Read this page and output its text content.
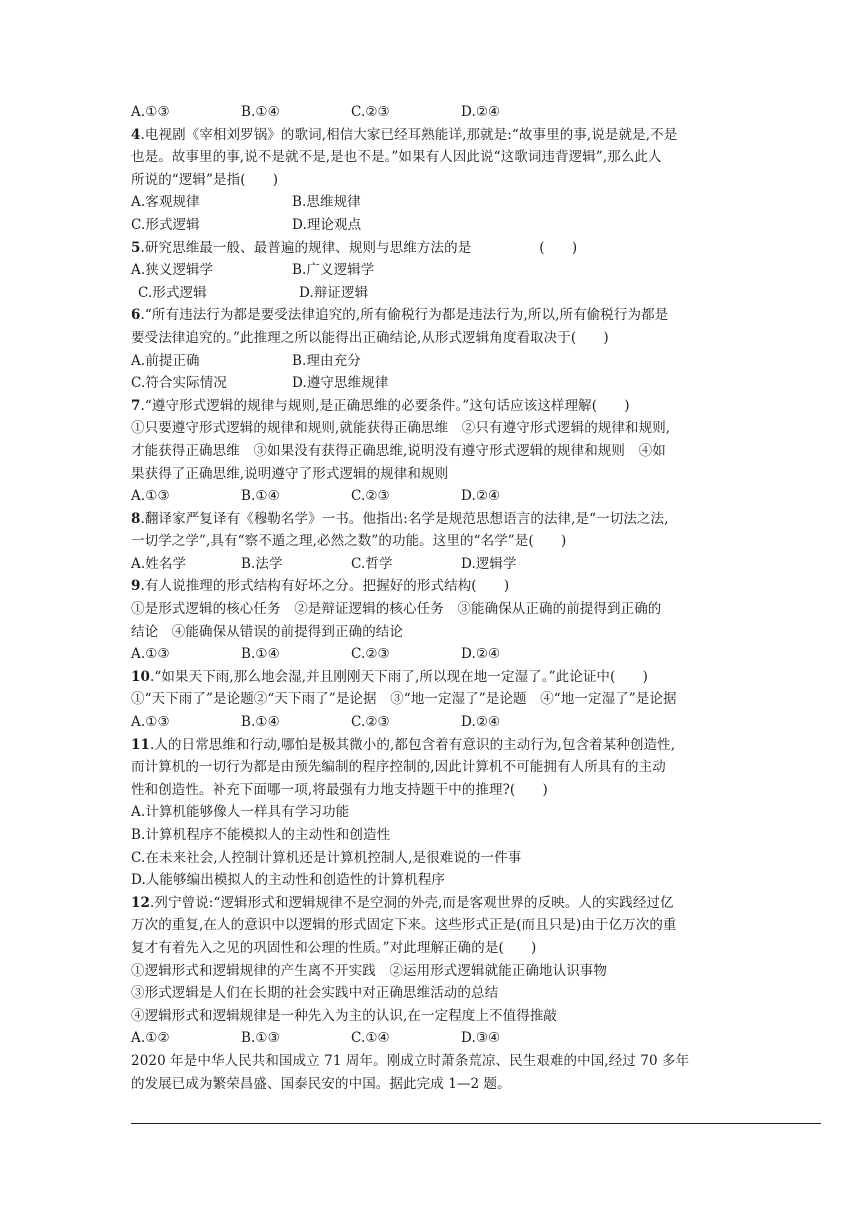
A.①③	B.①④	C.②③	D.②④
4.电视剧《宰相刘罗锅》的歌词,相信大家已经耳熟能详,那就是:“故事里的事,说是就是,不是
也是。故事里的事,说不是就不是,是也不是。”如果有人因此说“这歌词违背逻辑”,那么此人
所说的“逻辑”是指(　　)
A.客观规律	B.思维规律
C.形式逻辑	D.理论观点
5.研究思维最一般、最普遍的规律、规则与思维方法的是　　　　　(　　)
A.狭义逻辑学	B.广义逻辑学
C.形式逻辑	D.辩证逻辑
6.“所有违法行为都是要受法律追究的,所有偷税行为都是违法行为,所以,所有偷税行为都是
要受法律追究的。”此推理之所以能得出正确结论,从形式逻辑角度看取决于(　　)
A.前提正确	B.理由充分
C.符合实际情况	D.遵守思维规律
7.“遵守形式逻辑的规律与规则,是正确思维的必要条件。”这句话应该这样理解(　　)
①只要遵守形式逻辑的规律和规则,就能获得正确思维　②只有遵守形式逻辑的规律和规则,
才能获得正确思维　③如果没有获得正确思维,说明没有遵守形式逻辑的规律和规则　④如
果获得了正确思维,说明遵守了形式逻辑的规律和规则
A.①③	B.①④	C.②③	D.②④
8.翻译家严复译有《穆勒名学》一书。他指出:名学是规范思想语言的法律,是“一切法之法,
一切学之学”,具有“察不遁之理,必然之数”的功能。这里的“名学”是(　　)
A.姓名学	B.法学	C.哲学	D.逻辑学
9.有人说推理的形式结构有好坏之分。把握好的形式结构(　　)
①是形式逻辑的核心任务　②是辩证逻辑的核心任务　③能确保从正确的前提得到正确的
结论　④能确保从错误的前提得到正确的结论
A.①③	B.①④	C.②③	D.②④
10.“如果天下雨,那么地会湿,并且刚刚天下雨了,所以现在地一定湿了。”此论证中(　　)
①“天下雨了”是论题②“天下雨了”是论据　③“地一定湿了”是论题　④“地一定湿了”是论据
A.①③	B.①④	C.②③	D.②④
11.人的日常思维和行动,哪怕是极其微小的,都包含着有意识的主动行为,包含着某种创造性,
而计算机的一切行为都是由预先编制的程序控制的,因此计算机不可能拥有人所具有的主动
性和创造性。补充下面哪一项,将最强有力地支持题干中的推理?(　　)
A.计算机能够像人一样具有学习功能
B.计算机程序不能模拟人的主动性和创造性
C.在未来社会,人控制计算机还是计算机控制人,是很难说的一件事
D.人能够编出模拟人的主动性和创造性的计算机程序
12.列宁曾说:“逻辑形式和逻辑规律不是空洞的外壳,而是客观世界的反映。人的实践经过亿
万次的重复,在人的意识中以逻辑的形式固定下来。这些形式正是(而且只是)由于亿万次的重
复才有着先入之见的巩固性和公理的性质。”对此理解正确的是(　　)
①逻辑形式和逻辑规律的产生离不开实践　②运用形式逻辑就能正确地认识事物
③形式逻辑是人们在长期的社会实践中对正确思维活动的总结
④逻辑形式和逻辑规律是一种先入为主的认识,在一定程度上不值得推敲
A.①②	B.①③	C.①④	D.③④
2020 年是中华人民共和国成立 71 周年。刚成立时萧条荒凉、民生艰难的中国,经过 70 多年
的发展已成为繁荣昌盛、国泰民安的中国。据此完成 1—2 题。
